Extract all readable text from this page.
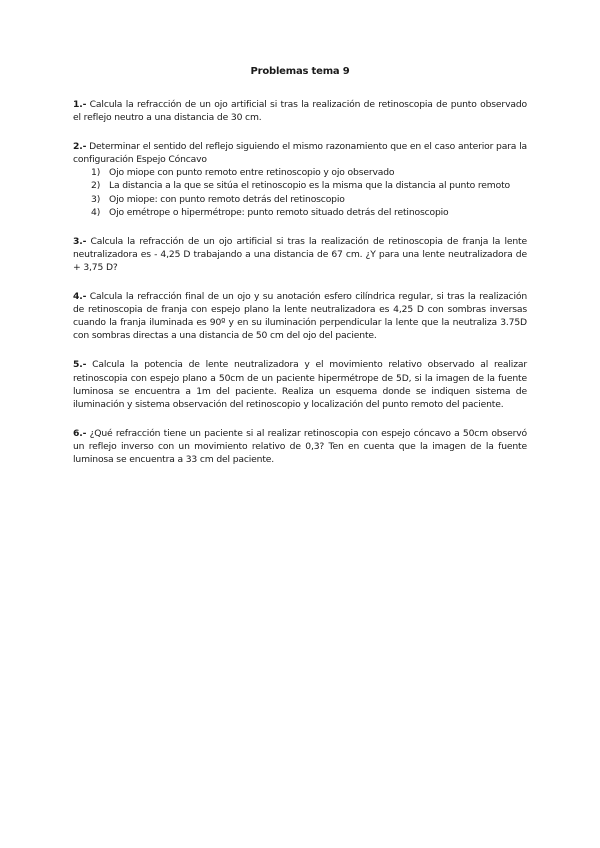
Problemas tema 9

1.- Calcula la refracción de un ojo artificial si tras la realización de retinoscopia de punto observado el reflejo neutro a una distancia de 30 cm.

2.- Determinar el sentido del reflejo siguiendo el mismo razonamiento que en el caso anterior para la configuración Espejo Cóncavo
1) Ojo miope con punto remoto entre retinoscopio y ojo observado
2) La distancia a la que se sitúa el retinoscopio es la misma que la distancia al punto remoto
3) Ojo miope: con punto remoto detrás del retinoscopio
4) Ojo emétrope o hipermétrope: punto remoto situado detrás del retinoscopio

3.- Calcula la refracción de un ojo artificial si tras la realización de retinoscopia de franja la lente neutralizadora es - 4,25 D trabajando a una distancia de 67 cm. ¿Y para una lente neutralizadora de + 3,75 D?

4.- Calcula la refracción final de un ojo y su anotación esfero cilíndrica regular, si tras la realización de retinoscopia de franja con espejo plano la lente neutralizadora es 4,25 D con sombras inversas cuando la franja iluminada es 90º y en su iluminación perpendicular la lente que la neutraliza 3.75D con sombras directas a una distancia de 50 cm del ojo del paciente.

5.- Calcula la potencia de lente neutralizadora y el movimiento relativo observado al realizar retinoscopia con espejo plano a 50cm de un paciente hipermétrope de 5D, si la imagen de la fuente luminosa se encuentra a 1m del paciente. Realiza un esquema donde se indiquen sistema de iluminación y sistema observación del retinoscopio y localización del punto remoto del paciente.

6.- ¿Qué refracción tiene un paciente si al realizar retinoscopia con espejo cóncavo a 50cm observó un reflejo inverso con un movimiento relativo de 0,3? Ten en cuenta que la imagen de la fuente luminosa se encuentra a 33 cm del paciente.
